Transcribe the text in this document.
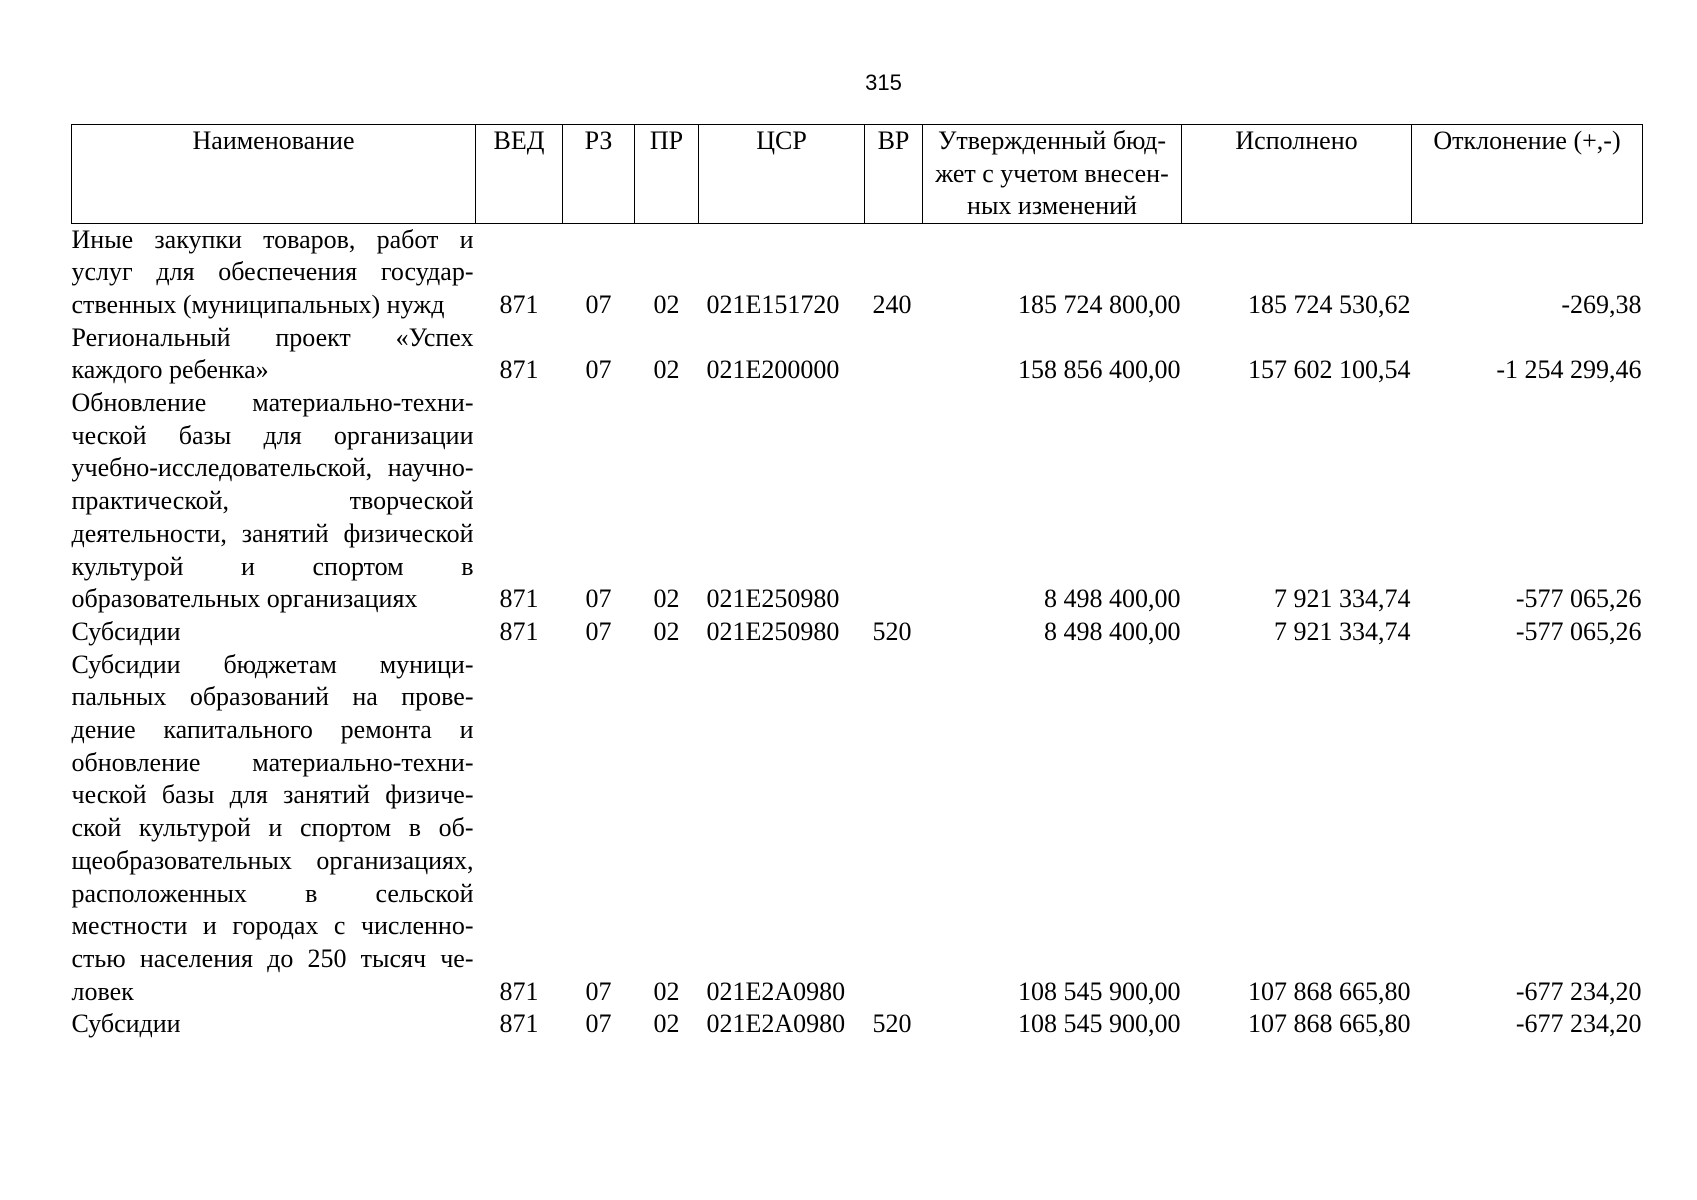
315
Наименование	ВЕД	РЗ	ПР	ЦСР	ВР	Утвержденный бюд-жет с учетом внесен-ных изменений	Исполнено	Отклонение (+,-)
Иные закупки товаров, работ и услуг для обеспечения государственных (муниципальных) нужд	871	07	02	021E151720	240	185 724 800,00	185 724 530,62	-269,38
Региональный проект «Успех каждого ребенка»	871	07	02	021E200000		158 856 400,00	157 602 100,54	-1 254 299,46
Обновление материально-технической базы для организации учебно-исследовательской, научно-практической, творческой деятельности, занятий физической культурой и спортом в образовательных организациях	871	07	02	021E250980		8 498 400,00	7 921 334,74	-577 065,26
Субсидии	871	07	02	021E250980	520	8 498 400,00	7 921 334,74	-577 065,26
Субсидии бюджетам муниципальных образований на проведение капитального ремонта и обновление материально-технической базы для занятий физической культурой и спортом в общеобразовательных организациях, расположенных в сельской местности и городах с численностью населения до 250 тысяч человек	871	07	02	021E2A0980		108 545 900,00	107 868 665,80	-677 234,20
Субсидии	871	07	02	021E2A0980	520	108 545 900,00	107 868 665,80	-677 234,20
